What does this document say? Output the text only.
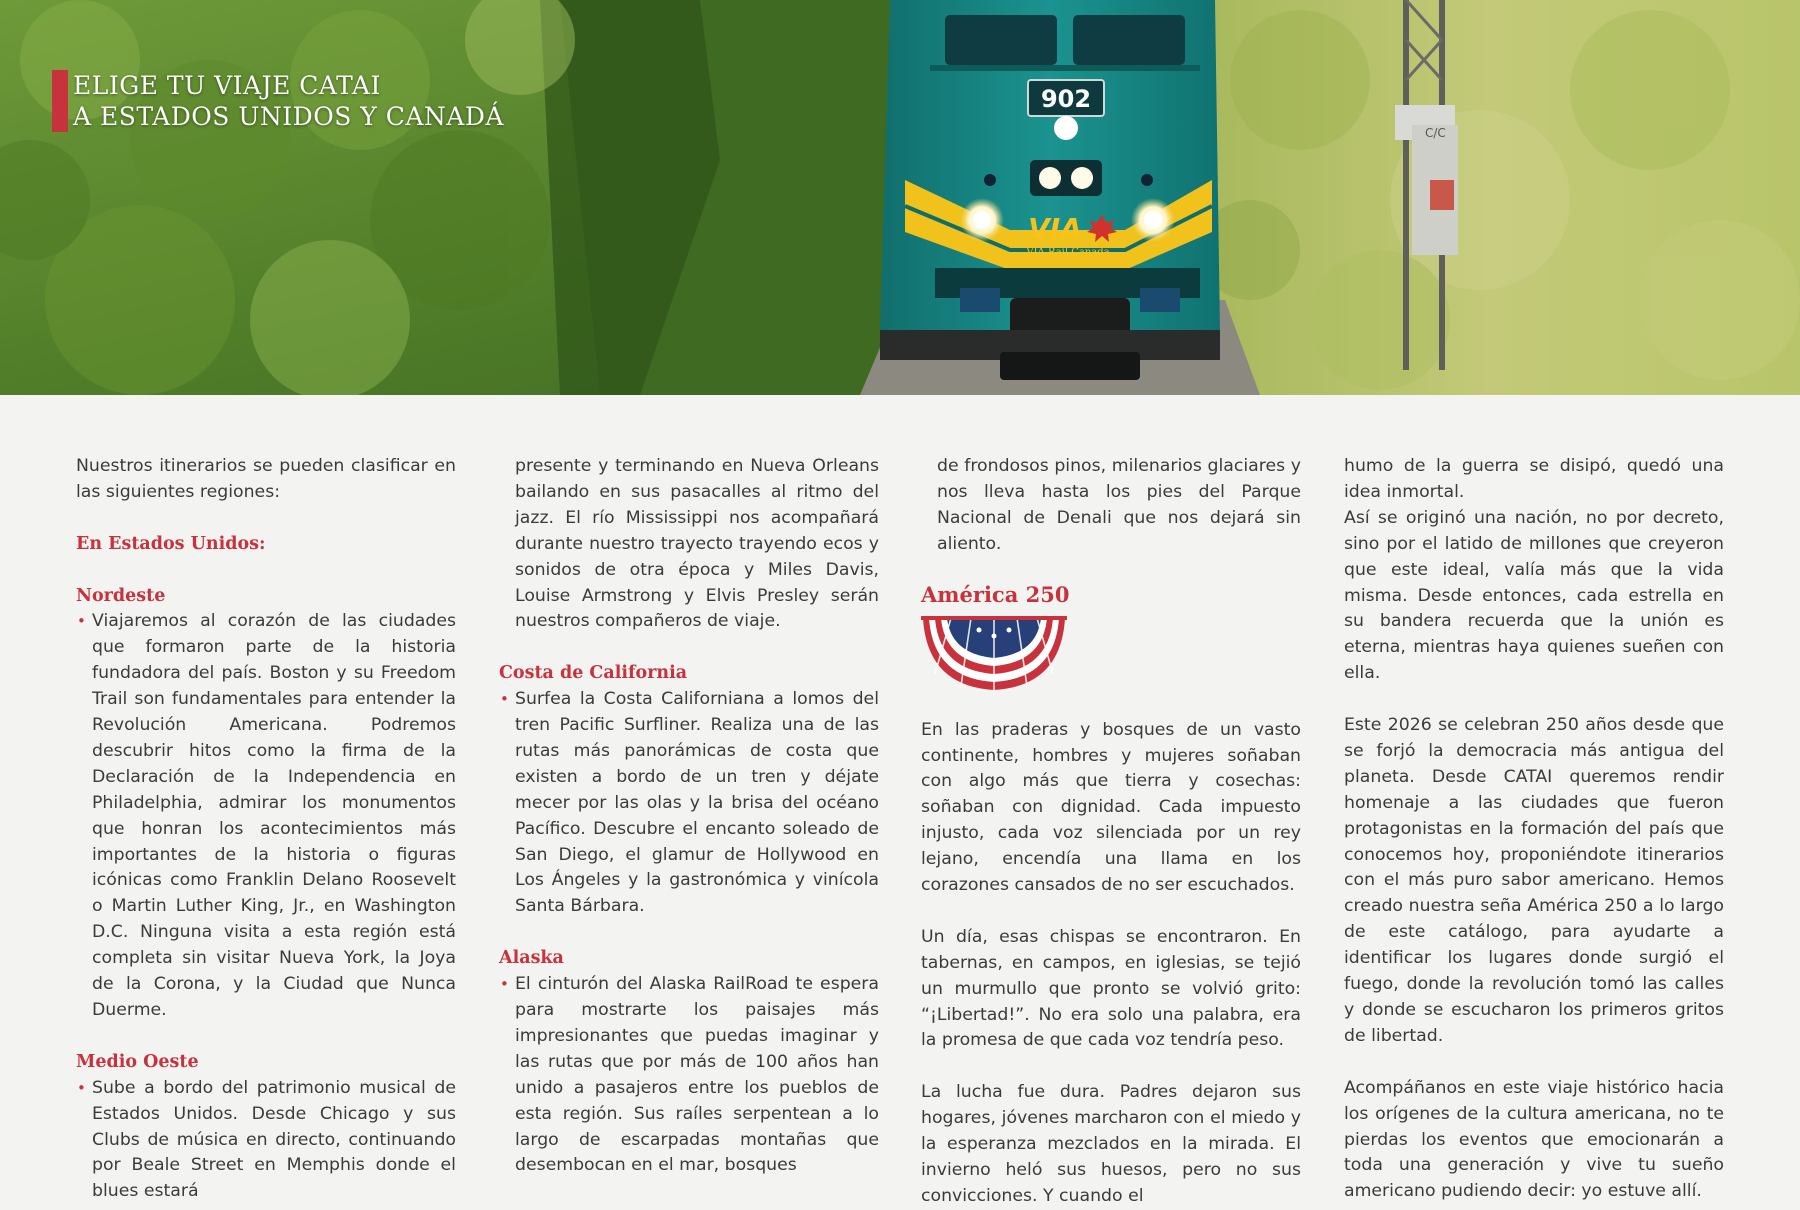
C/C
902
VIA
VIA Rail Canada
ELIGE TU VIAJE CATAI
A ESTADOS UNIDOS Y CANADÁ

Nuestros itinerarios se pueden clasificar en las siguientes regiones:

En Estados Unidos:

Nordeste

• Viajaremos al corazón de las ciudades que formaron parte de la historia fundadora del país. Boston y su Freedom Trail son fundamentales para entender la Revolución Americana. Podremos descubrir hitos como la firma de la Declaración de la Independencia en Philadelphia, admirar los monumentos que honran los acontecimientos más importantes de la historia o figuras icónicas como Franklin Delano Roosevelt o Martin Luther King, Jr., en Washington D.C. Ninguna visita a esta región está completa sin visitar Nueva York, la Joya de la Corona, y la Ciudad que Nunca Duerme.

Medio Oeste

• Sube a bordo del patrimonio musical de Estados Unidos. Desde Chicago y sus Clubs de música en directo, continuando por Beale Street en Memphis donde el blues estará

presente y terminando en Nueva Orleans bailando en sus pasacalles al ritmo del jazz. El río Mississippi nos acompañará durante nuestro trayecto trayendo ecos y sonidos de otra época y Miles Davis, Louise Armstrong y Elvis Presley serán nuestros compañeros de viaje.

Costa de California

• Surfea la Costa Californiana a lomos del tren Pacific Surfliner. Realiza una de las rutas más panorámicas de costa que existen a bordo de un tren y déjate mecer por las olas y la brisa del océano Pacífico. Descubre el encanto soleado de San Diego, el glamur de Hollywood en Los Ángeles y la gastronómica y vinícola Santa Bárbara.

Alaska

• El cinturón del Alaska RailRoad te espera para mostrarte los paisajes más impresionantes que puedas imaginar y las rutas que por más de 100 años han unido a pasajeros entre los pueblos de esta región. Sus raíles serpentean a lo largo de escarpadas montañas que desembocan en el mar, bosques

de frondosos pinos, milenarios glaciares y nos lleva hasta los pies del Parque Nacional de Denali que nos dejará sin aliento.

América 250

En las praderas y bosques de un vasto continente, hombres y mujeres soñaban con algo más que tierra y cosechas: soñaban con dignidad. Cada impuesto injusto, cada voz silenciada por un rey lejano, encendía una llama en los corazones cansados de no ser escuchados.

Un día, esas chispas se encontraron. En tabernas, en campos, en iglesias, se tejió un murmullo que pronto se volvió grito: “¡Libertad!”. No era solo una palabra, era la promesa de que cada voz tendría peso.

La lucha fue dura. Padres dejaron sus hogares, jóvenes marcharon con el miedo y la esperanza mezclados en la mirada. El invierno heló sus huesos, pero no sus convicciones. Y cuando el

humo de la guerra se disipó, quedó una idea inmortal.

Así se originó una nación, no por decreto, sino por el latido de millones que creyeron que este ideal, valía más que la vida misma. Desde entonces, cada estrella en su bandera recuerda que la unión es eterna, mientras haya quienes sueñen con ella.

Este 2026 se celebran 250 años desde que se forjó la democracia más antigua del planeta. Desde CATAI queremos rendir homenaje a las ciudades que fueron protagonistas en la formación del país que conocemos hoy, proponiéndote itinerarios con el más puro sabor americano. Hemos creado nuestra seña América 250 a lo largo de este catálogo, para ayudarte a identificar los lugares donde surgió el fuego, donde la revolución tomó las calles y donde se escucharon los primeros gritos de libertad.

Acompáñanos en este viaje histórico hacia los orígenes de la cultura americana, no te pierdas los eventos que emocionarán a toda una generación y vive tu sueño americano pudiendo decir: yo estuve allí.
